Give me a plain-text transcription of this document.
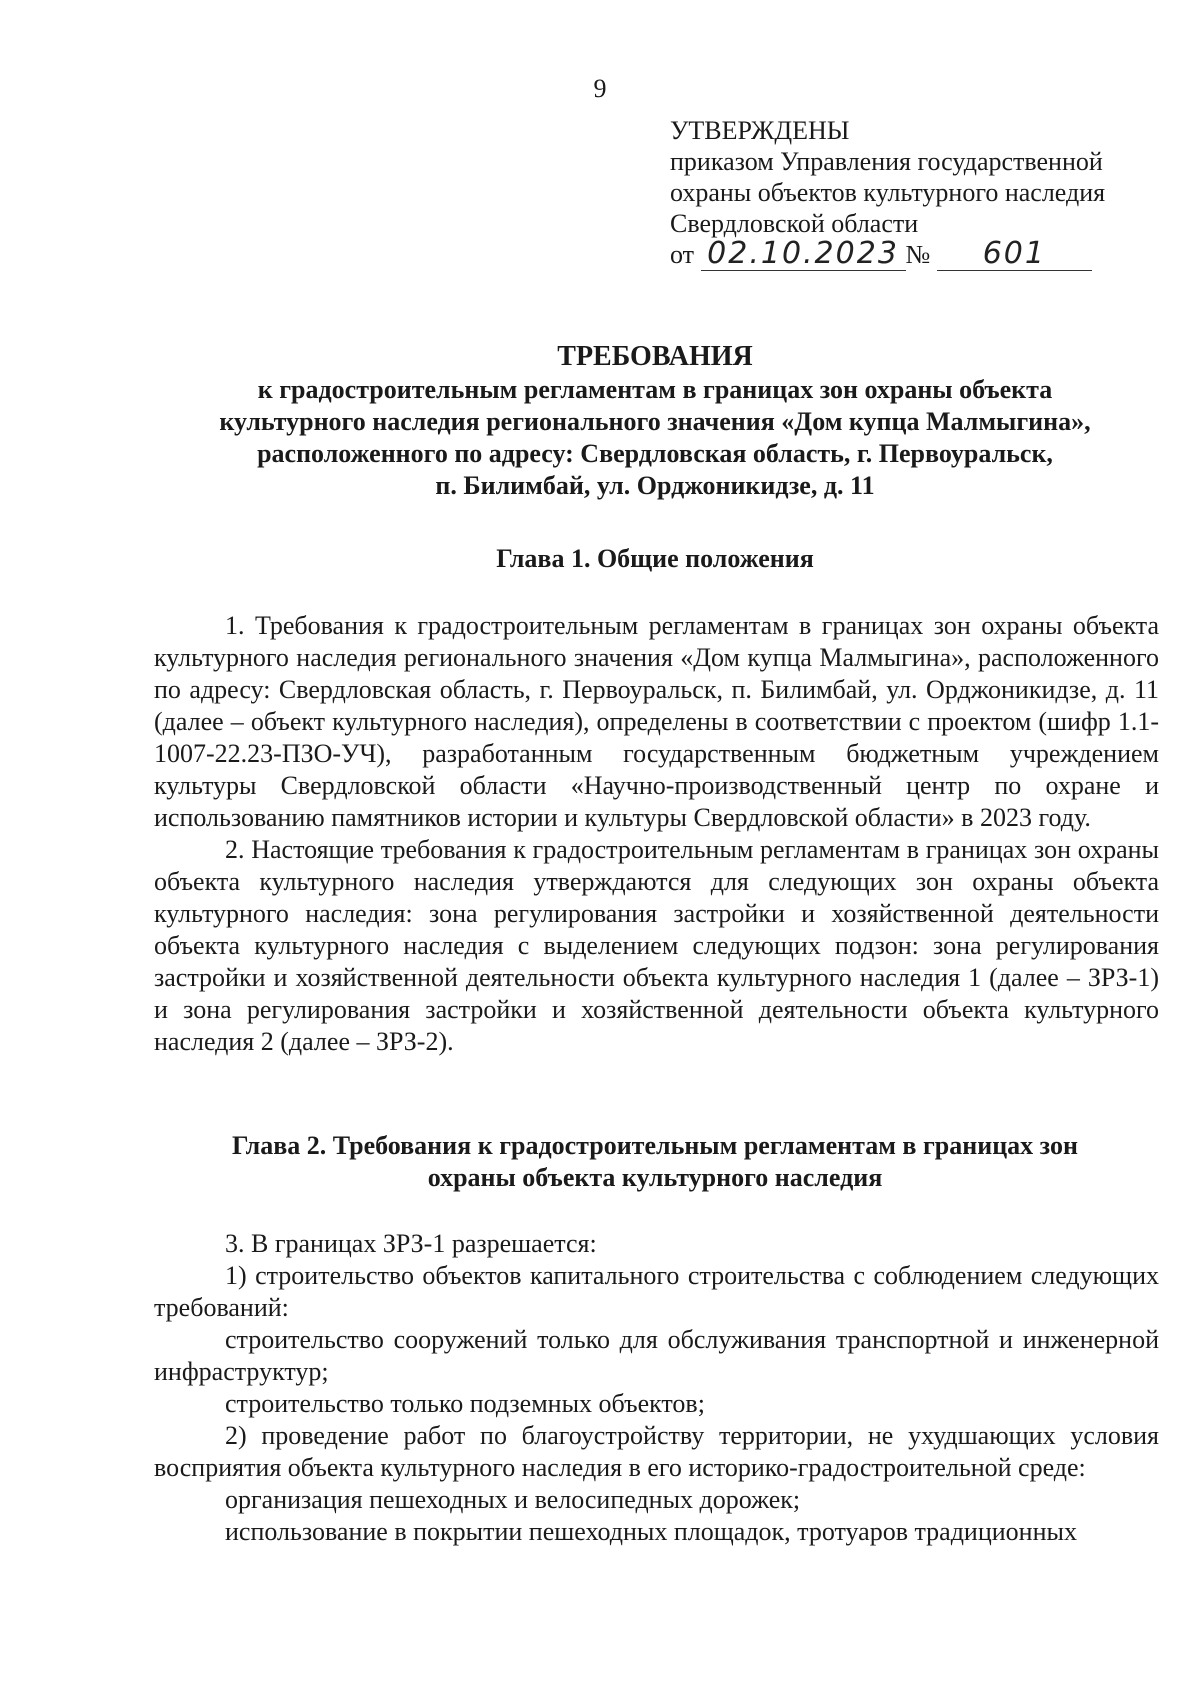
9
УТВЕРЖДЕНЫ
приказом Управления государственной
охраны объектов культурного наследия
Свердловской области
от 02.10.2023 № 601
ТРЕБОВАНИЯ
к градостроительным регламентам в границах зон охраны объекта
культурного наследия регионального значения «Дом купца Малмыгина»,
расположенного по адресу: Свердловская область, г. Первоуральск,
п. Билимбай, ул. Орджоникидзе, д. 11
Глава 1. Общие положения

1. Требования к градостроительным регламентам в границах зон охраны объекта культурного наследия регионального значения «Дом купца Малмыгина», расположенного по адресу: Свердловская область, г. Первоуральск, п. Билимбай, ул. Орджоникидзе, д. 11 (далее – объект культурного наследия), определены в соответствии с проектом (шифр 1.1-1007-22.23-ПЗО-УЧ), разработанным государственным бюджетным учреждением культуры Свердловской области «Научно-производственный центр по охране и использованию памятников истории и культуры Свердловской области» в 2023 году.

2. Настоящие требования к градостроительным регламентам в границах зон охраны объекта культурного наследия утверждаются для следующих зон охраны объекта культурного наследия: зона регулирования застройки и хозяйственной деятельности объекта культурного наследия с выделением следующих подзон: зона регулирования застройки и хозяйственной деятельности объекта культурного наследия 1 (далее – ЗРЗ-1) и зона регулирования застройки и хозяйственной деятельности объекта культурного наследия 2 (далее – ЗРЗ-2).

Глава 2. Требования к градостроительным регламентам в границах зон
охраны объекта культурного наследия

3. В границах ЗРЗ-1 разрешается:

1) строительство объектов капитального строительства с соблюдением следующих требований:

строительство сооружений только для обслуживания транспортной и инженерной инфраструктур;

строительство только подземных объектов;

2) проведение работ по благоустройству территории, не ухудшающих условия восприятия объекта культурного наследия в его историко-градостроительной среде:

организация пешеходных и велосипедных дорожек;

использование в покрытии пешеходных площадок, тротуаров традиционных
